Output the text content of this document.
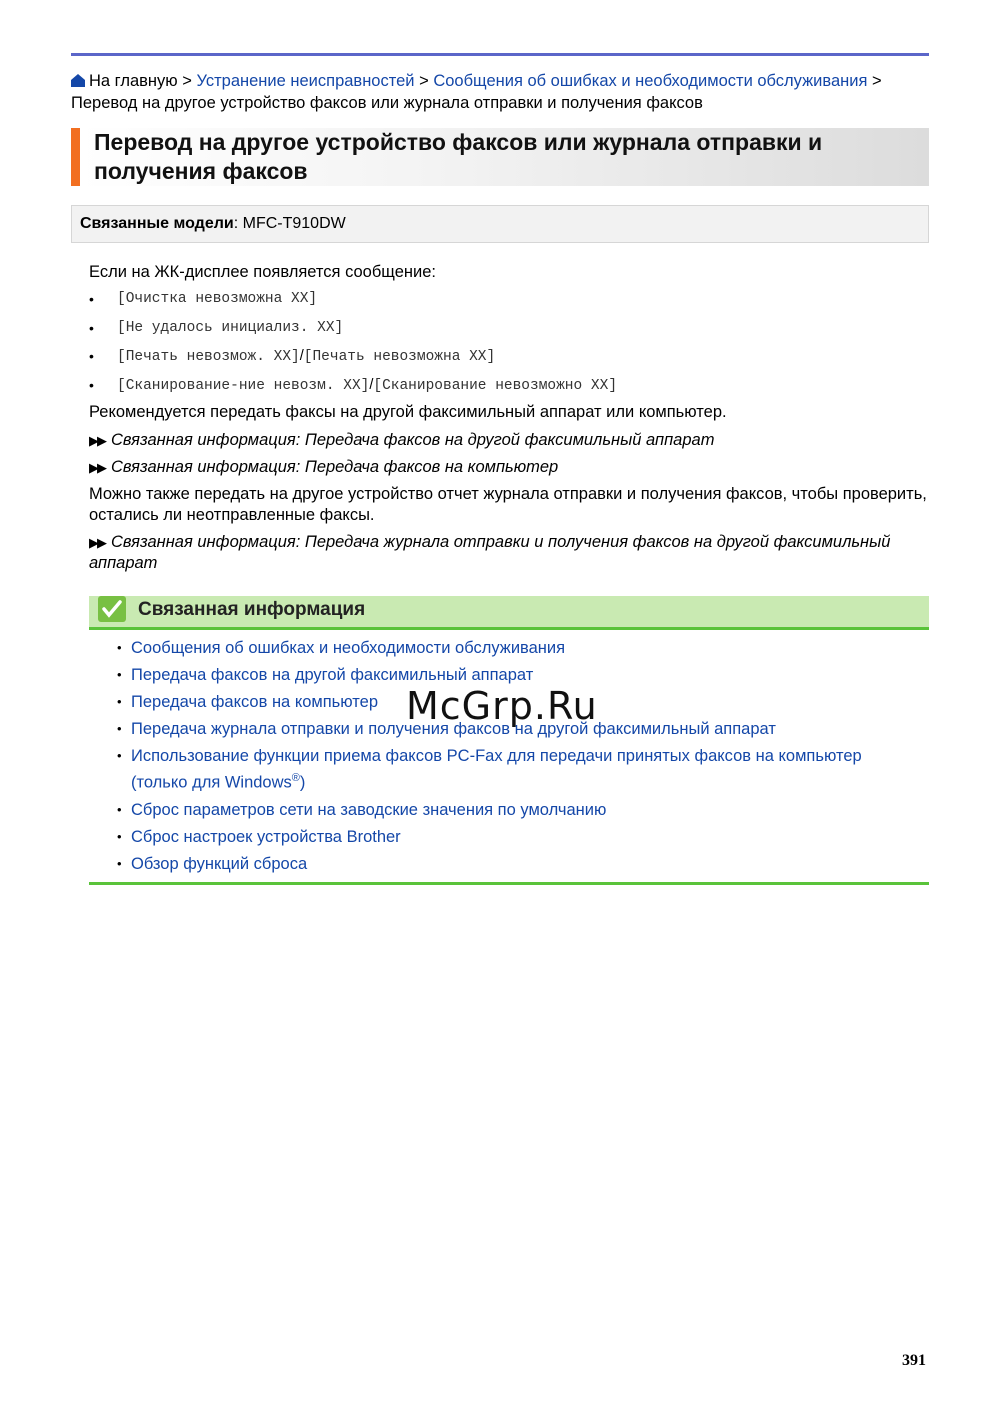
На главную > Устранение неисправностей > Сообщения об ошибках и необходимости обслуживания > Перевод на другое устройство факсов или журнала отправки и получения факсов
Перевод на другое устройство факсов или журнала отправки и получения факсов
Связанные модели: MFC-T910DW
Если на ЖК-дисплее появляется сообщение:
• [Очистка невозможна XX]
• [Не удалось инициализ. XX]
• [Печать невозмож. XX]/[Печать невозможна XX]
• [Сканирование-ние невозм. XX]/[Сканирование невозможно XX]
Рекомендуется передать факсы на другой факсимильный аппарат или компьютер.
▶▶ Связанная информация: Передача факсов на другой факсимильный аппарат
▶▶ Связанная информация: Передача факсов на компьютер
Можно также передать на другое устройство отчет журнала отправки и получения факсов, чтобы проверить, остались ли неотправленные факсы.
▶▶ Связанная информация: Передача журнала отправки и получения факсов на другой факсимильный аппарат
Связанная информация
• Сообщения об ошибках и необходимости обслуживания
• Передача факсов на другой факсимильный аппарат
• Передача факсов на компьютер
• Передача журнала отправки и получения факсов на другой факсимильный аппарат
• Использование функции приема факсов PC-Fax для передачи принятых факсов на компьютер (только для Windows®)
• Сброс параметров сети на заводские значения по умолчанию
• Сброс настроек устройства Brother
• Обзор функций сброса
McGrp.Ru
391
